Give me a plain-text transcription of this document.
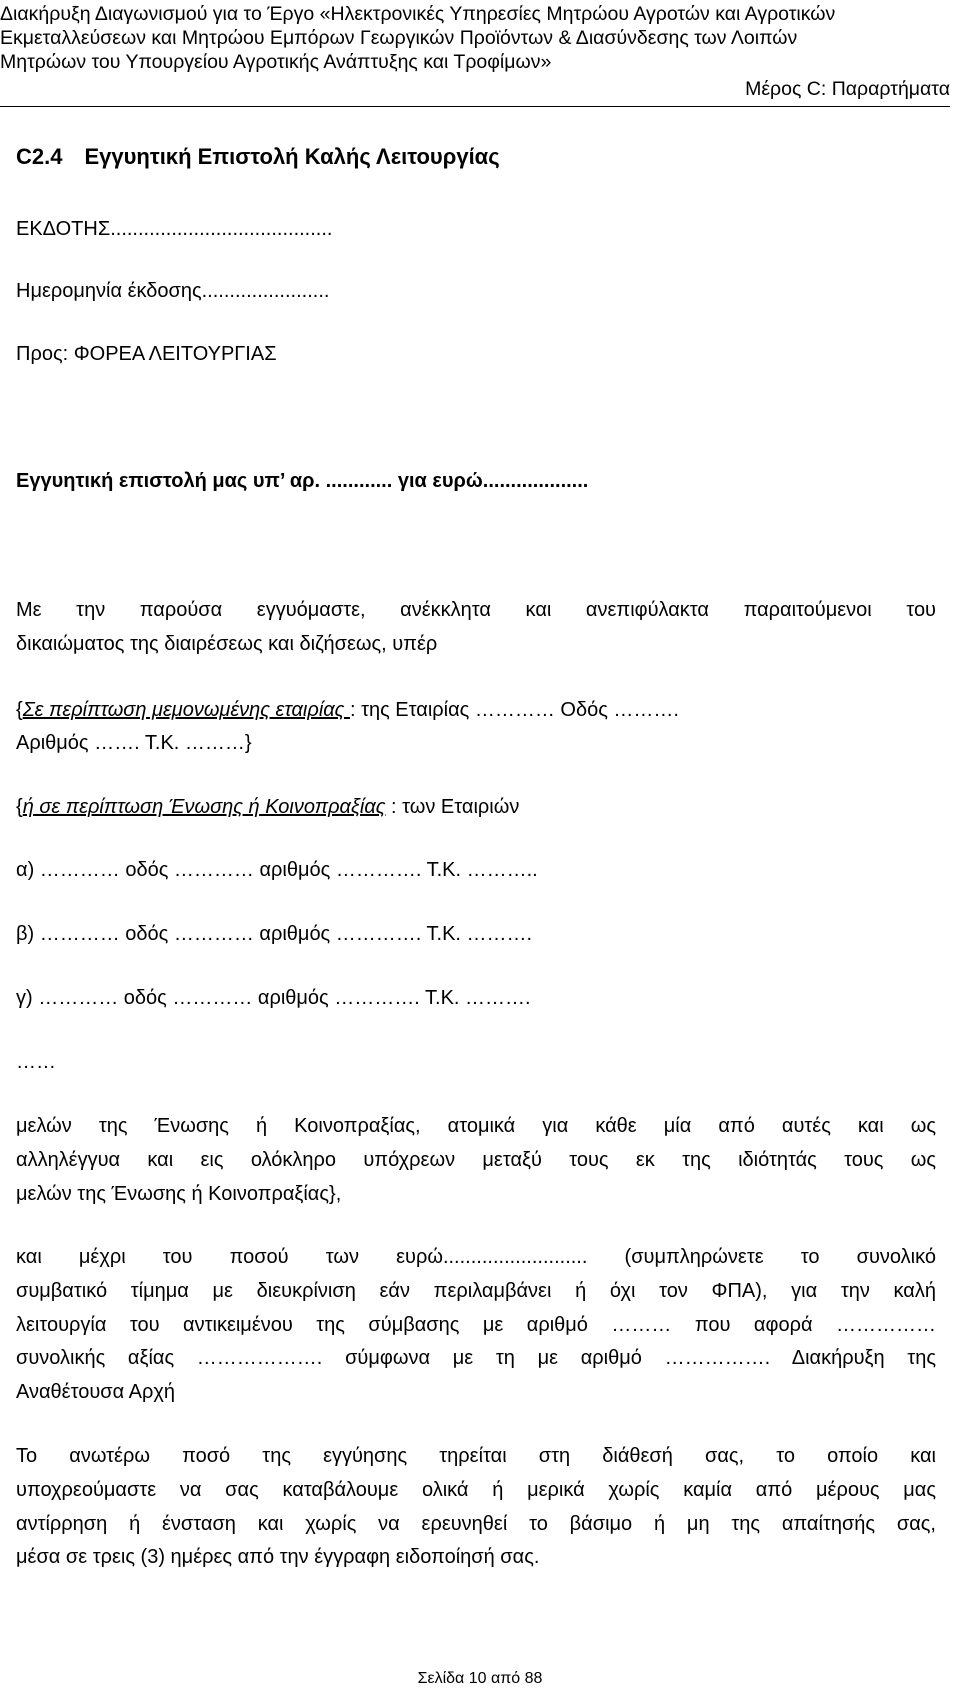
Διακήρυξη Διαγωνισμού για το Έργο «Ηλεκτρονικές Υπηρεσίες Μητρώου Αγροτών και Αγροτικών
Εκμεταλλεύσεων και Μητρώου Εμπόρων Γεωργικών Προϊόντων & Διασύνδεσης των Λοιπών
Μητρώων του Υπουργείου Αγροτικής Ανάπτυξης και Τροφίμων»
Μέρος C: Παραρτήματα
C2.4 Εγγυητική Επιστολή Καλής Λειτουργίας
ΕΚΔΟΤΗΣ........................................
Ημερομηνία έκδοσης.......................
Προς: ΦΟΡΕΑ ΛΕΙΤΟΥΡΓΙΑΣ
Εγγυητική επιστολή μας υπ’ αρ. ............ για ευρώ...................
Με την παρούσα εγγυόμαστε, ανέκκλητα και ανεπιφύλακτα παραιτούμενοι του
δικαιώματος της διαιρέσεως και διζήσεως, υπέρ
{Σε περίπτωση μεμονωμένης εταιρίας : της Εταιρίας ………… Οδός ……….
Αριθμός ……. Τ.Κ. ………}
{ή σε περίπτωση Ένωσης ή Κοινοπραξίας : των Εταιριών
α) ………… οδός ………… αριθμός …………. Τ.Κ. ………..
β) ………… οδός ………… αριθμός …………. Τ.Κ. ……….
γ) ………… οδός ………… αριθμός …………. Τ.Κ. ……….
……
μελών της Ένωσης ή Κοινοπραξίας, ατομικά για κάθε μία από αυτές και ως
αλληλέγγυα και εις ολόκληρο υπόχρεων μεταξύ τους εκ της ιδιότητάς τους ως
μελών της Ένωσης ή Κοινοπραξίας},
και μέχρι του ποσού των ευρώ.......................... (συμπληρώνετε το συνολικό
συμβατικό τίμημα με διευκρίνιση εάν περιλαμβάνει ή όχι τον ΦΠΑ), για την καλή
λειτουργία του αντικειμένου της σύμβασης με αριθμό ……… που αφορά ……………
συνολικής αξίας ………………. σύμφωνα με τη με αριθμό ……………. Διακήρυξη της
Αναθέτουσα Αρχή
Το ανωτέρω ποσό της εγγύησης τηρείται στη διάθεσή σας, το οποίο και
υποχρεούμαστε να σας καταβάλουμε ολικά ή μερικά χωρίς καμία από μέρους μας
αντίρρηση ή ένσταση και χωρίς να ερευνηθεί το βάσιμο ή μη της απαίτησής σας,
μέσα σε τρεις (3) ημέρες από την έγγραφη ειδοποίησή σας.
Σελίδα 10 από 88
